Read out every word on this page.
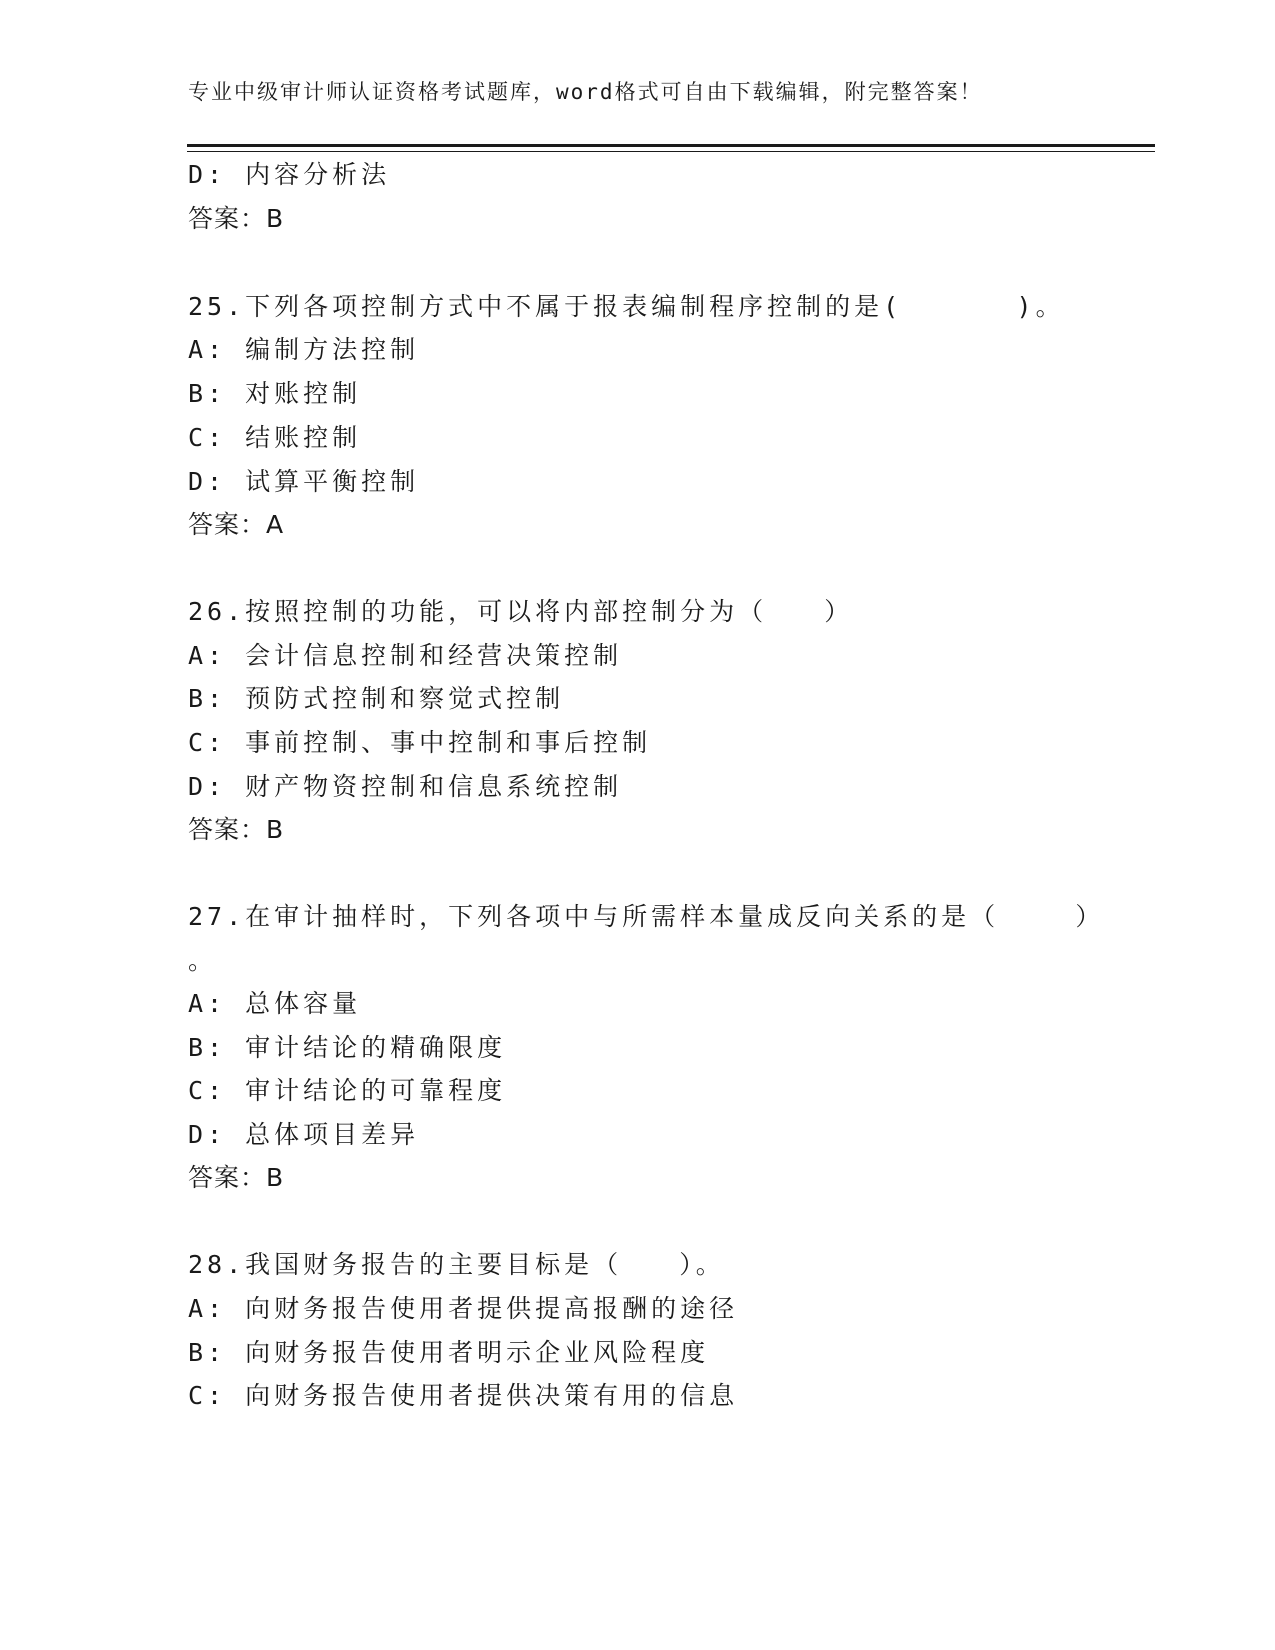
专业中级审计师认证资格考试题库，word格式可自由下载编辑，附完整答案！
D: 内容分析法
答案：B
25.下列各项控制方式中不属于报表编制程序控制的是(      )。
A: 编制方法控制
B: 对账控制
C: 结账控制
D: 试算平衡控制
答案：A
26.按照控制的功能，可以将内部控制分为（   ）
A: 会计信息控制和经营决策控制
B: 预防式控制和察觉式控制
C: 事前控制、事中控制和事后控制
D: 财产物资控制和信息系统控制
答案：B
27.在审计抽样时，下列各项中与所需样本量成反向关系的是（    ）
。
A: 总体容量
B: 审计结论的精确限度
C: 审计结论的可靠程度
D: 总体项目差异
答案：B
28.我国财务报告的主要目标是（   ）。
A: 向财务报告使用者提供提高报酬的途径
B: 向财务报告使用者明示企业风险程度
C: 向财务报告使用者提供决策有用的信息
